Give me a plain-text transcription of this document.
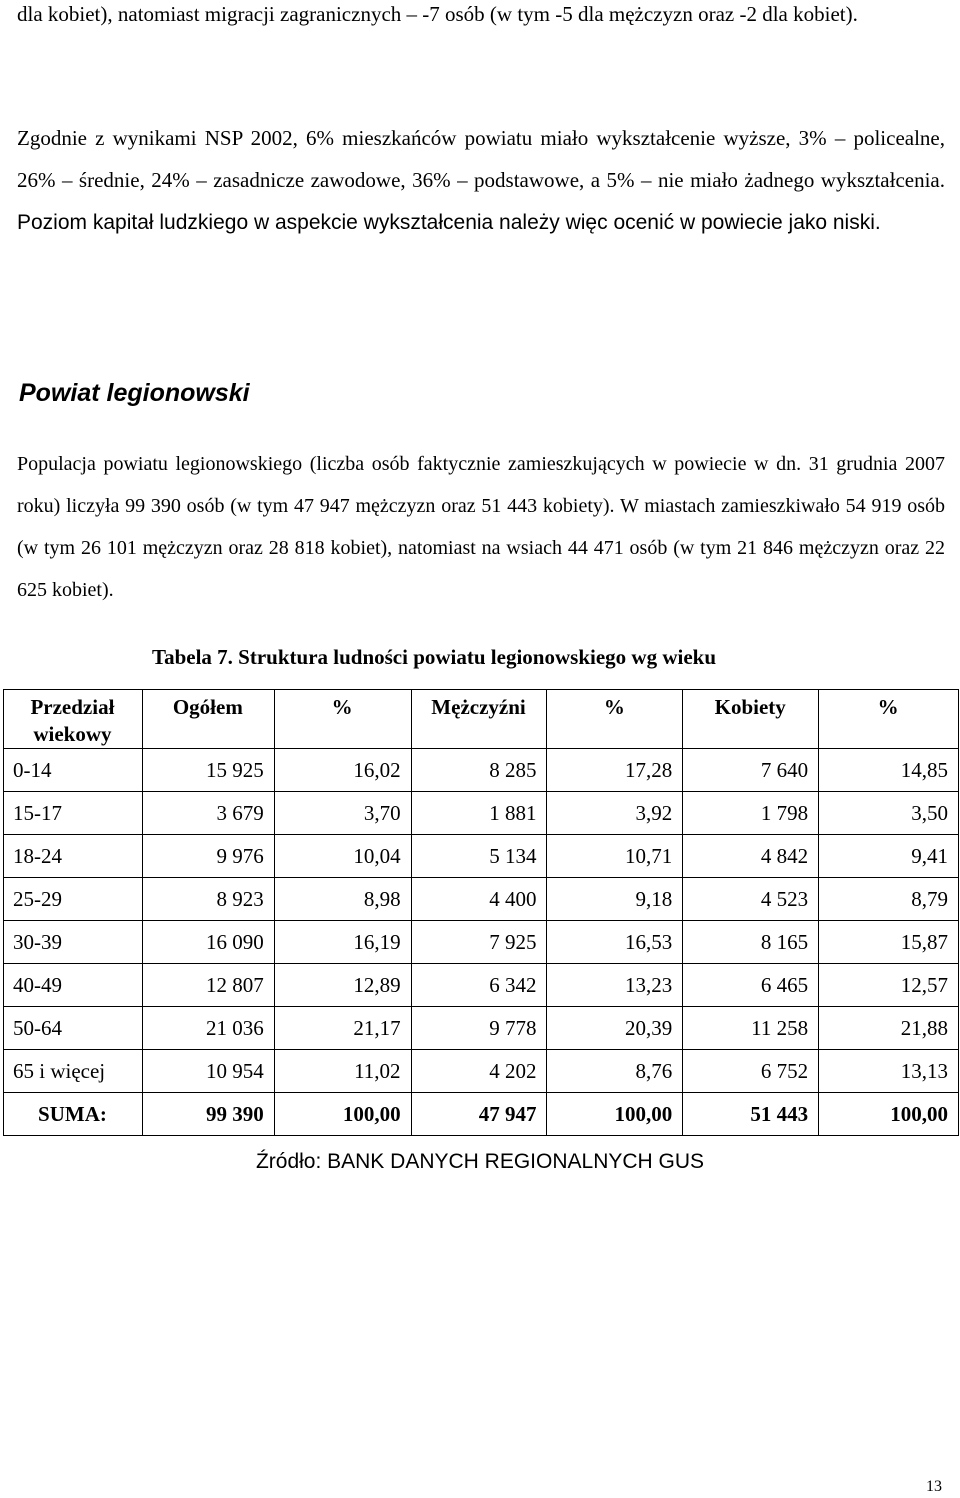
dla kobiet), natomiast migracji zagranicznych – -7 osób (w tym -5 dla mężczyzn oraz -2 dla kobiet).
Zgodnie z wynikami NSP 2002, 6% mieszkańców powiatu miało wykształcenie wyższe, 3% – policealne, 26% – średnie, 24% – zasadnicze zawodowe, 36% – podstawowe, a 5% – nie miało żadnego wykształcenia. Poziom kapitał ludzkiego w aspekcie wykształcenia należy więc ocenić w powiecie jako niski.
Powiat legionowski
Populacja powiatu legionowskiego (liczba osób faktycznie zamieszkujących w powiecie w dn. 31 grudnia 2007 roku) liczyła 99 390 osób (w tym 47 947 mężczyzn oraz 51 443 kobiety). W miastach zamieszkiwało 54 919 osób (w tym 26 101 mężczyzn oraz 28 818 kobiet), natomiast na wsiach 44 471 osób (w tym 21 846 mężczyzn oraz 22 625 kobiet).
Tabela 7. Struktura ludności powiatu legionowskiego wg wieku
Przedział wiekowy	Ogółem	%	Mężczyźni	%	Kobiety	%
0-14	15 925	16,02	8 285	17,28	7 640	14,85
15-17	3 679	3,70	1 881	3,92	1 798	3,50
18-24	9 976	10,04	5 134	10,71	4 842	9,41
25-29	8 923	8,98	4 400	9,18	4 523	8,79
30-39	16 090	16,19	7 925	16,53	8 165	15,87
40-49	12 807	12,89	6 342	13,23	6 465	12,57
50-64	21 036	21,17	9 778	20,39	11 258	21,88
65 i więcej	10 954	11,02	4 202	8,76	6 752	13,13
SUMA:	99 390	100,00	47 947	100,00	51 443	100,00
Źródło: BANK DANYCH REGIONALNYCH GUS
13
